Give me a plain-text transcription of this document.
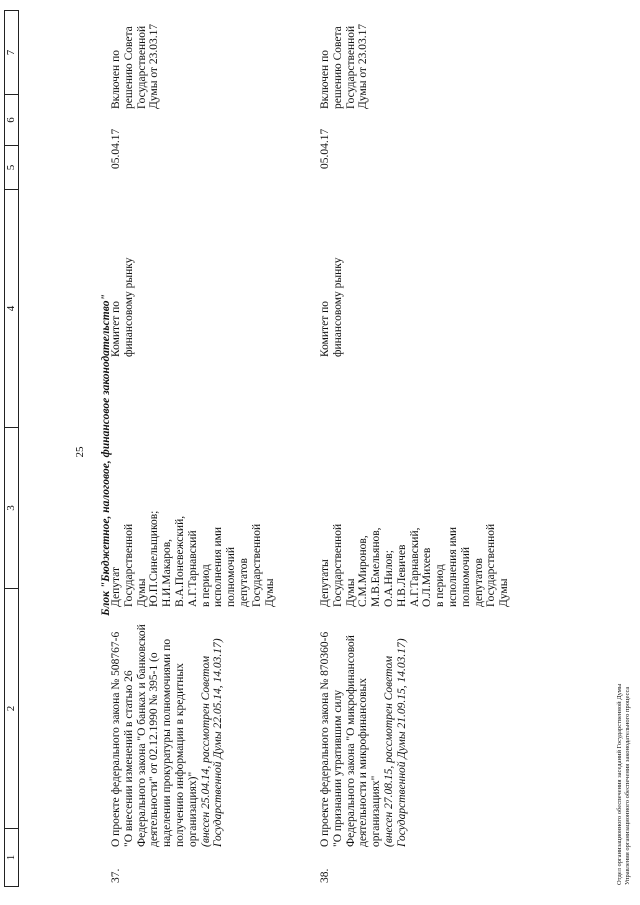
25
1
2
3
4
5
6
7
Блок "Бюджетное, налоговое, финансовое законодательство"
37.
О проекте федерального закона № 508767-6 "О внесении изменений в статью 26 Федерального закона "О банках и банковской деятельности" от 02.12.1990 № 395-1 (о наделении прокуратуры полномочиями по получению информации в кредитных организациях)" (внесен 25.04.14, рассмотрен Советом Государственной Думы 22.05.14, 14.03.17)
Депутат Государственной Думы Ю.П.Синельщиков; Н.И.Макаров, В.А.Поневежский, А.Г.Тарнавский в период исполнения ими полномочий депутатов Государственной Думы
Комитет по финансовому рынку
05.04.17
Включен по решению Совета Государственной Думы от 23.03.17
38.
О проекте федерального закона № 870360-6 "О признании утратившим силу Федерального закона "О микрофинансовой деятельности и микрофинансовых организациях" (внесен 27.08.15, рассмотрен Советом Государственной Думы 21.09.15, 14.03.17)
Депутаты Государственной Думы С.М.Миронов, М.В.Емельянов, О.А.Нилов; Н.В.Левичев А.Г.Тарнавский, О.Л.Михеев в период исполнения ими полномочий депутатов Государственной Думы
Комитет по финансовому рынку
05.04.17
Включен по решению Совета Государственной Думы от 23.03.17
Отдел организационного обеспечения заседаний Государственной Думы Управления организационного обеспечения законодательного процесса
